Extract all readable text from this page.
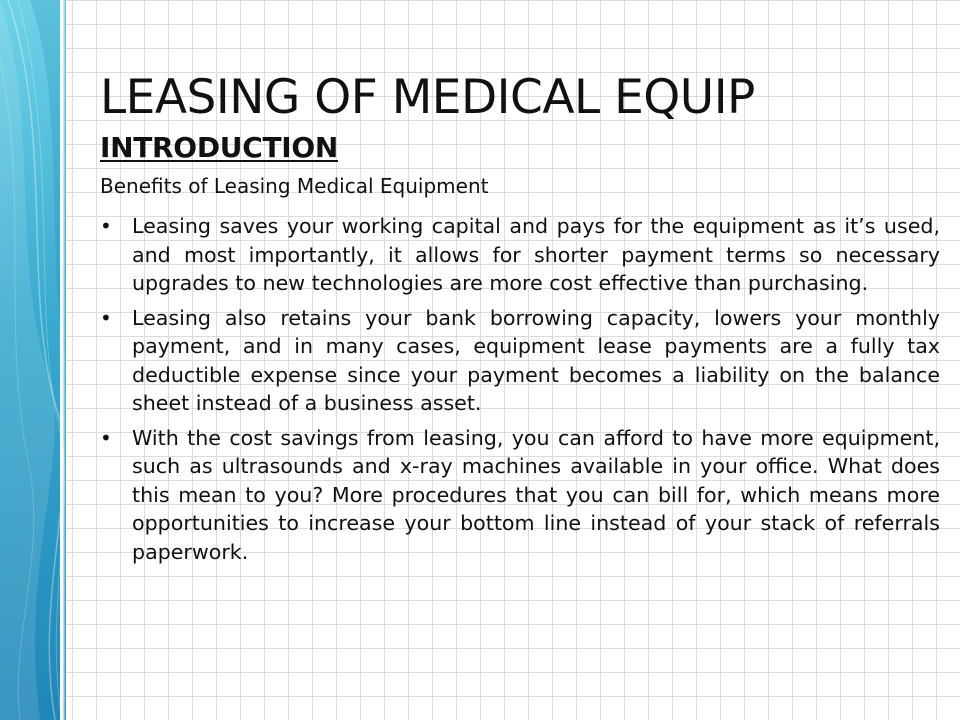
LEASING OF MEDICAL EQUIP
INTRODUCTION

Benefits of Leasing Medical Equipment

• Leasing saves your working capital and pays for the equipment as it’s used, and most importantly, it allows for shorter payment terms so necessary upgrades to new technologies are more cost effective than purchasing.
• Leasing also retains your bank borrowing capacity, lowers your monthly payment, and in many cases, equipment lease payments are a fully tax deductible expense since your payment becomes a liability on the balance sheet instead of a business asset.
• With the cost savings from leasing, you can afford to have more equipment, such as ultrasounds and x-ray machines available in your office. What does this mean to you? More procedures that you can bill for, which means more opportunities to increase your bottom line instead of your stack of referrals paperwork.
